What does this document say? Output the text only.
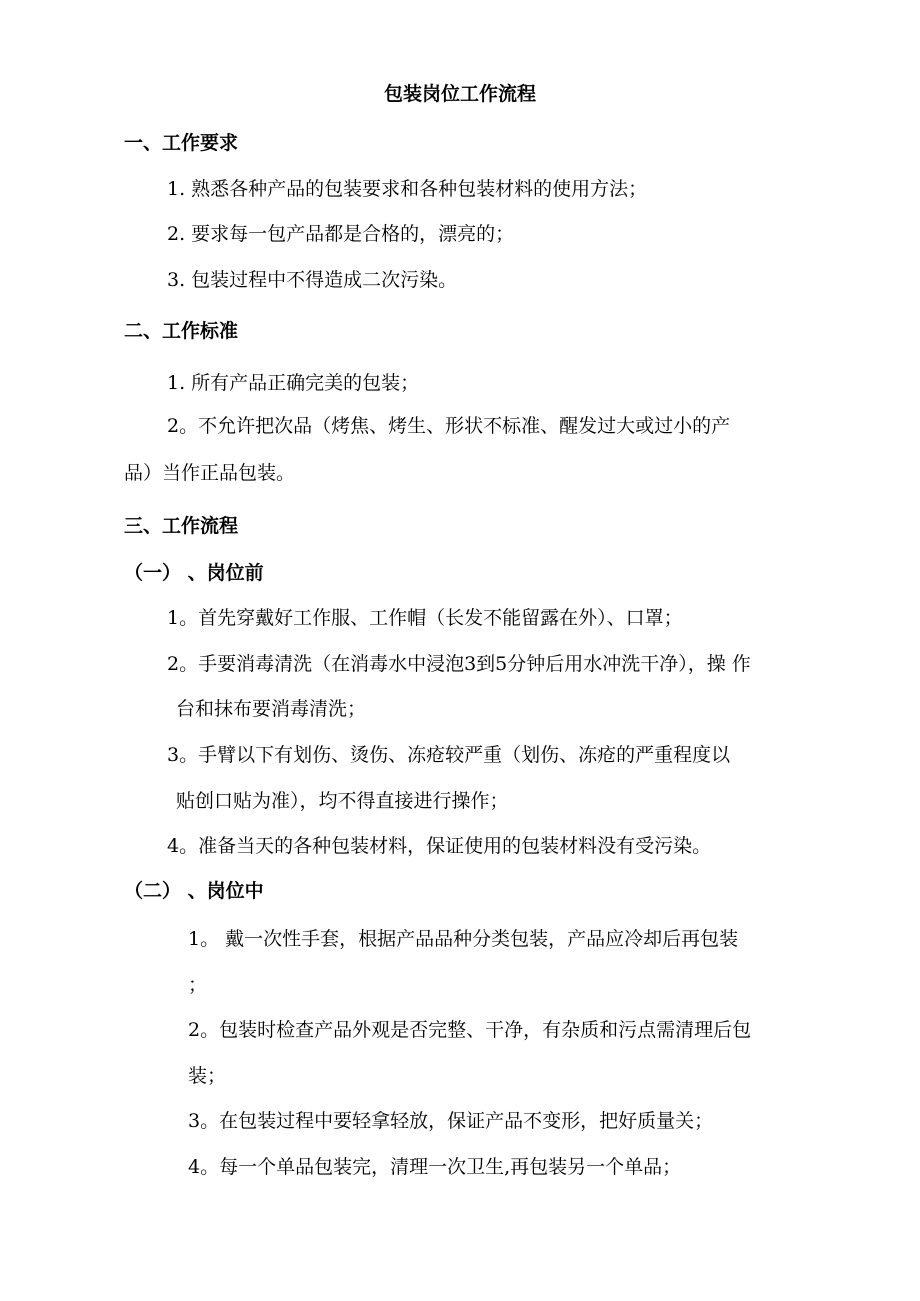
包装岗位工作流程
一、工作要求
1. 熟悉各种产品的包装要求和各种包装材料的使用方法；
2. 要求每一包产品都是合格的，漂亮的；
3. 包装过程中不得造成二次污染。
二、工作标准
1. 所有产品正确完美的包装；
2。不允许把次品（烤焦、烤生、形状不标准、醒发过大或过小的产
品）当作正品包装。
三、工作流程
（一） 、岗位前
1。首先穿戴好工作服、工作帽（长发不能留露在外）、口罩；
2。手要消毒清洗（在消毒水中浸泡3到5分钟后用水冲洗干净），操 作
台和抹布要消毒清洗；
3。手臂以下有划伤、烫伤、冻疮较严重（划伤、冻疮的严重程度以
贴创口贴为准），均不得直接进行操作；
4。准备当天的各种包装材料，保证使用的包装材料没有受污染。
（二） 、岗位中
1。 戴一次性手套，根据产品品种分类包装，产品应冷却后再包装
；
2。包装时检查产品外观是否完整、干净，有杂质和污点需清理后包
装；
3。在包装过程中要轻拿轻放，保证产品不变形，把好质量关；
4。每一个单品包装完，清理一次卫生,再包装另一个单品；
